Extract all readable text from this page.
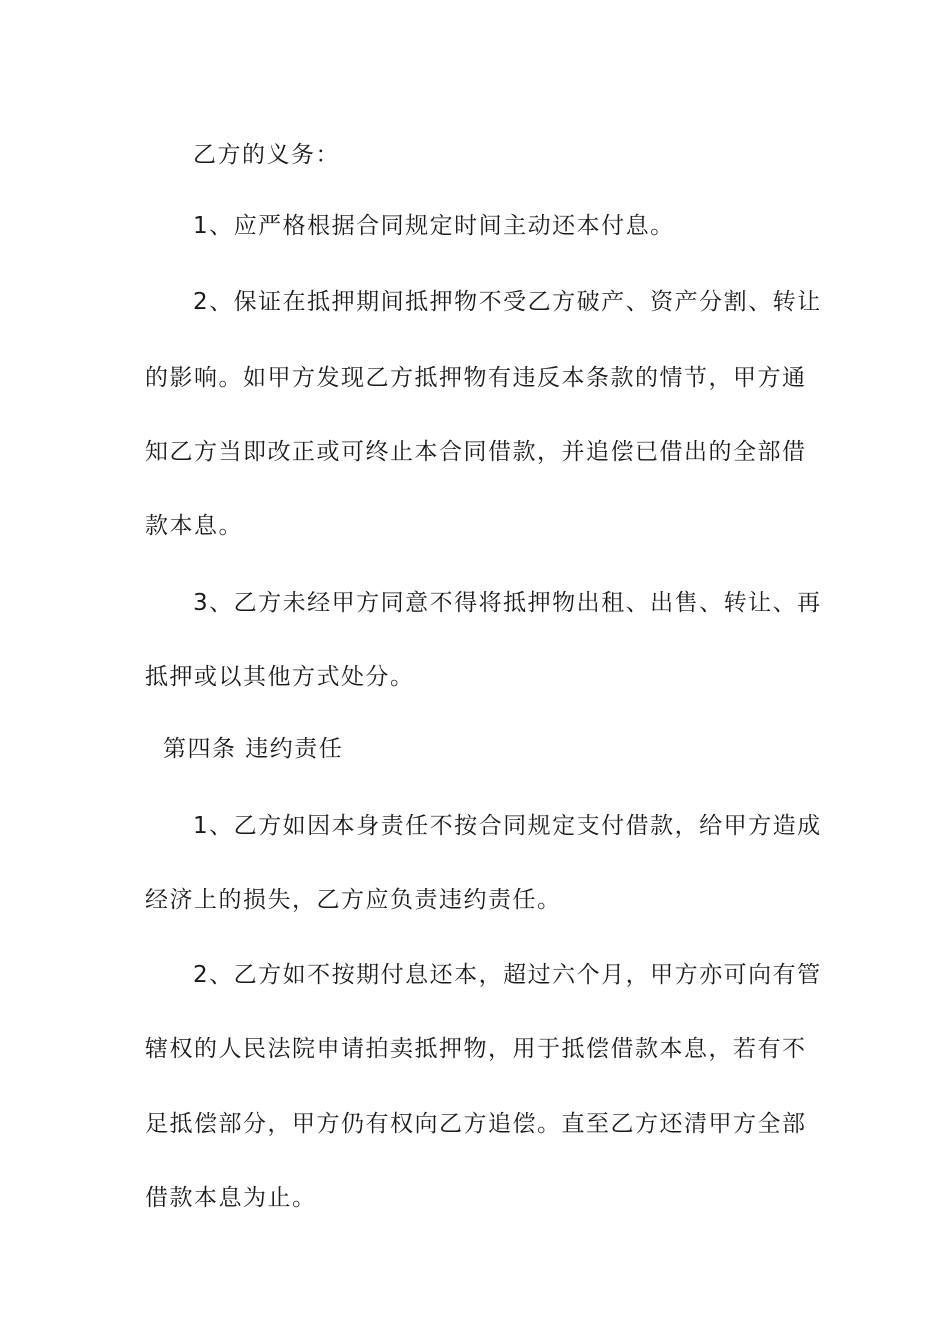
乙方的义务：
1、应严格根据合同规定时间主动还本付息。
2、保证在抵押期间抵押物不受乙方破产、资产分割、转让
的影响。如甲方发现乙方抵押物有违反本条款的情节，甲方通
知乙方当即改正或可终止本合同借款，并追偿已借出的全部借
款本息。
3、乙方未经甲方同意不得将抵押物出租、出售、转让、再
抵押或以其他方式处分。
第四条 违约责任
1、乙方如因本身责任不按合同规定支付借款，给甲方造成
经济上的损失，乙方应负责违约责任。
2、乙方如不按期付息还本，超过六个月，甲方亦可向有管
辖权的人民法院申请拍卖抵押物，用于抵偿借款本息，若有不
足抵偿部分，甲方仍有权向乙方追偿。直至乙方还清甲方全部
借款本息为止。
